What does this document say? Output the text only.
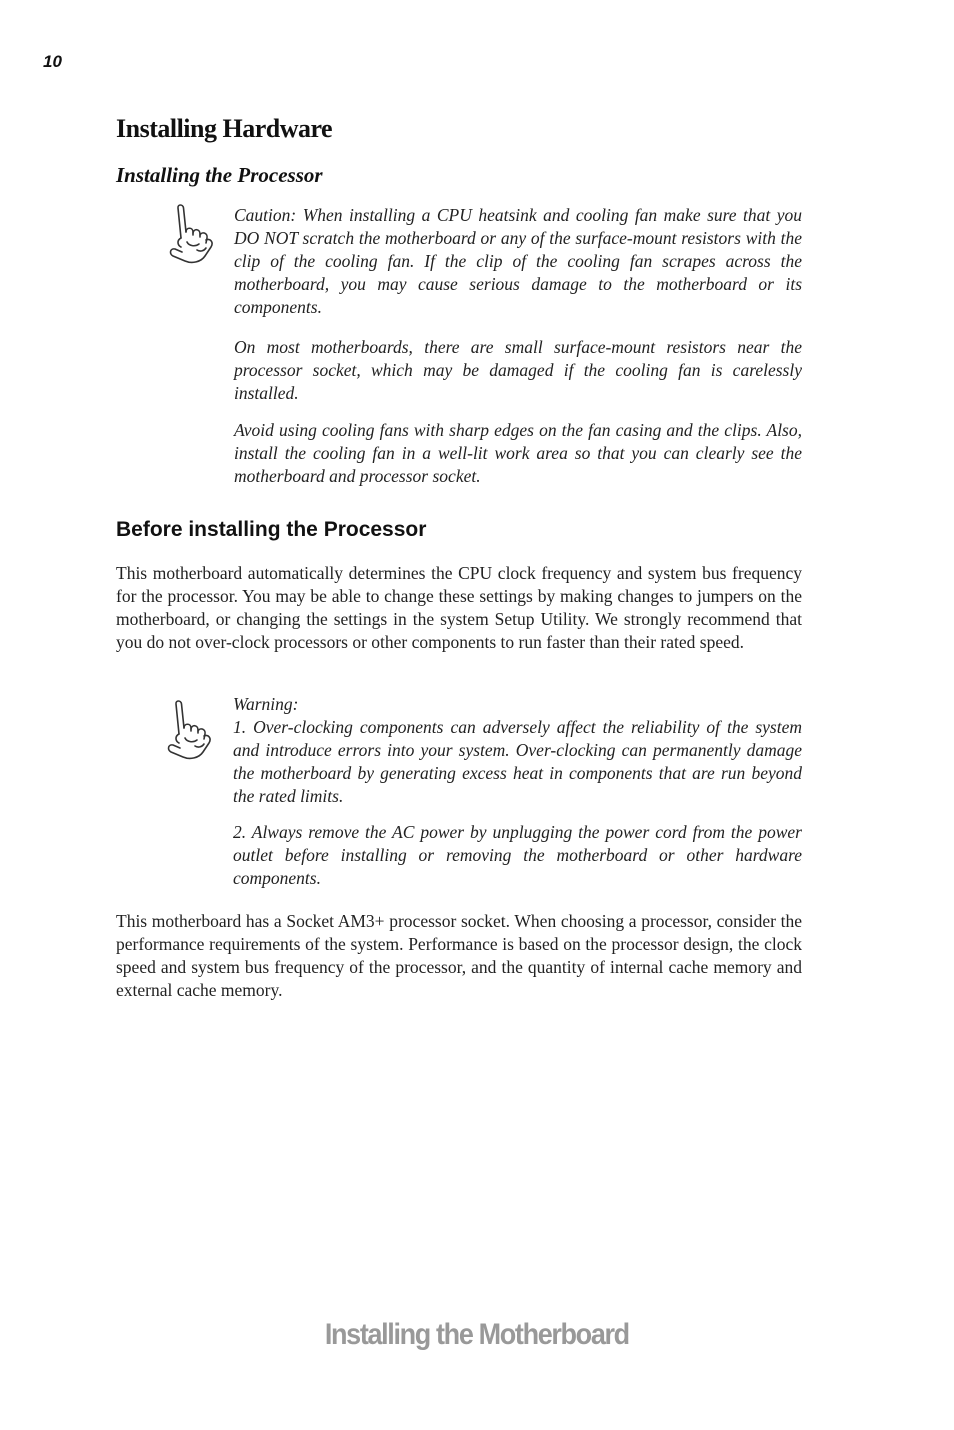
10
Installing Hardware
Installing the Processor

Caution: When installing a CPU heatsink and cooling fan make sure that you DO NOT scratch the motherboard or any of the surface-mount resistors with the clip of the cooling fan. If the clip of the cooling fan scrapes across the motherboard, you may cause serious damage to the motherboard or its components.

On most motherboards, there are small surface-mount resistors near the processor socket, which may be damaged if the cooling fan is carelessly installed.

Avoid using cooling fans with sharp edges on the fan casing and the clips. Also, install the cooling fan in a well-lit work area so that you can clearly see the motherboard and processor socket.

Before installing the Processor

This motherboard automatically determines the CPU clock frequency and system bus frequency for the processor. You may be able to change these settings by making changes to jumpers on the motherboard, or changing the settings in the system Setup Utility. We strongly recommend that you do not over-clock processors or other components to run faster than their rated speed.

Warning:

1. Over-clocking components can adversely affect the reliability of the system and introduce errors into your system. Over-clocking can permanently damage the motherboard by generating excess heat in components that are run beyond the rated limits.

2. Always remove the AC power by unplugging the power cord from the power outlet before installing or removing the motherboard or other hardware components.

This motherboard has a Socket AM3+ processor socket. When choosing a processor, consider the performance requirements of the system. Performance is based on the processor design, the clock speed and system bus frequency of the processor, and the quantity of internal cache memory and external cache memory.

Installing the Motherboard
